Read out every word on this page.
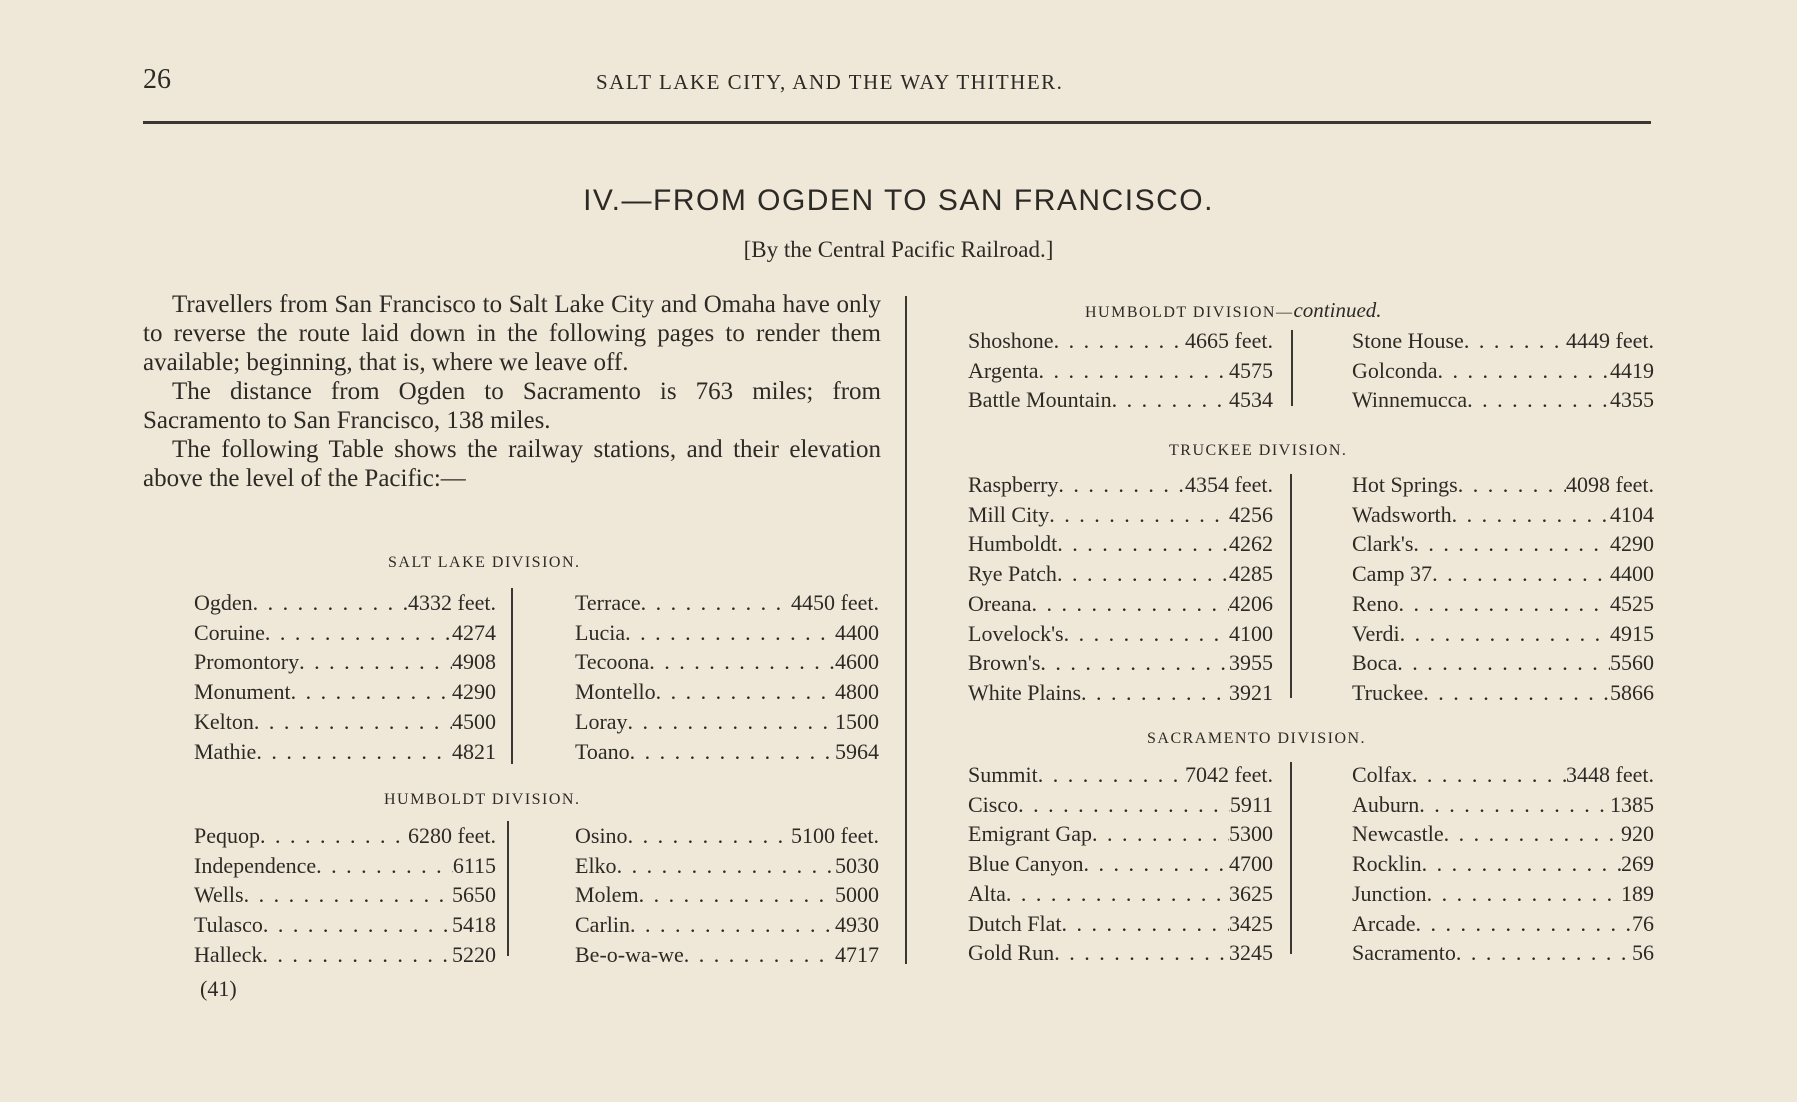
26	SALT LAKE CITY, AND THE WAY THITHER.
IV.—FROM OGDEN TO SAN FRANCISCO.
[By the Central Pacific Railroad.]

Travellers from San Francisco to Salt Lake City and Omaha have only to reverse the route laid down in the following pages to render them available; beginning, that is, where we leave off.

The distance from Ogden to Sacramento is 763 miles; from Sacramento to San Francisco, 138 miles.

The following Table shows the railway stations, and their elevation above the level of the Pacific:—

SALT LAKE DIVISION.
Ogden . . .	4332 feet.
Coruine . . .	4274
Promontory . . .	4908
Monument . . .	4290
Kelton . . .	4500
Mathie . . .	4821
Terrace . . .	4450 feet.
Lucia . . .	4400
Tecoona . . .	4600
Montello . . .	4800
Loray . . .	1500
Toano . . .	5964
HUMBOLDT DIVISION.
Pequop . . .	6280 feet.
Independence . . .	6115
Wells . . .	5650
Tulasco . . .	5418
Halleck . . .	5220
Osino . . .	5100 feet.
Elko . . .	5030
Molem . . .	5000
Carlin . . .	4930
Be-o-wa-we . . .	4717
(41)
HUMBOLDT DIVISION—continued.
Shoshone . . .	4665 feet.
Argenta . . .	4575
Battle Mountain . . .	4534
Stone House . . .	4449 feet.
Golconda . . .	4419
Winnemucca . . .	4355
TRUCKEE DIVISION.
Raspberry . . .	4354 feet.
Mill City . . .	4256
Humboldt . . .	4262
Rye Patch . . .	4285
Oreana . . .	4206
Lovelock's . . .	4100
Brown's . . .	3955
White Plains . . .	3921
Hot Springs . . .	4098 feet.
Wadsworth . . .	4104
Clark's . . .	4290
Camp 37 . . .	4400
Reno . . .	4525
Verdi . . .	4915
Boca . . .	5560
Truckee . . .	5866
SACRAMENTO DIVISION.
Summit . . .	7042 feet.
Cisco . . .	5911
Emigrant Gap . . .	5300
Blue Canyon . . .	4700
Alta . . .	3625
Dutch Flat . . .	3425
Gold Run . . .	3245
Colfax . . .	3448 feet.
Auburn . . .	1385
Newcastle . . .	920
Rocklin . . .	269
Junction . . .	189
Arcade . . .	76
Sacramento . . .	56
